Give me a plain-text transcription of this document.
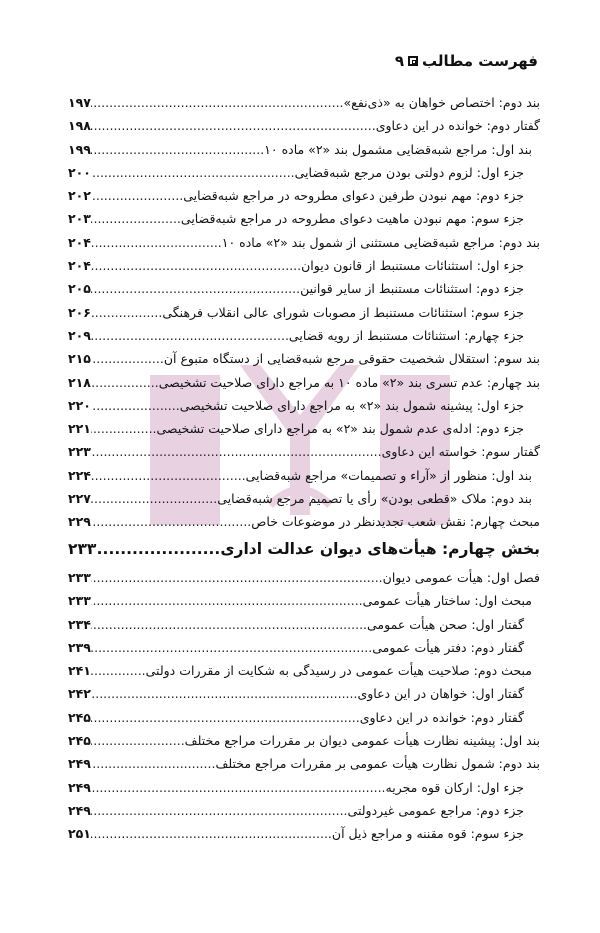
فهرست مطالب
۹
بند دوم: اختصاص خواهان به «ذی‌نفع»
.....
۱۹۷
گفتار دوم: خوانده در این دعاوی
.....
۱۹۸
بند اول: مراجع شبه‌قضایی مشمول بند «۲» ماده ۱۰
.....
۱۹۹
جزء اول: لزوم دولتی بودن مرجع شبه‌قضایی
.....
۲۰۰
جزء دوم: مهم نبودن طرفین دعوای مطروحه در مراجع شبه‌قضایی
.....
۲۰۲
جزء سوم: مهم نبودن ماهیت دعوای مطروحه در مراجع شبه‌قضایی
.....
۲۰۳
بند دوم: مراجع شبه‌قضایی مستثنی از شمول بند «۲» ماده ۱۰
.....
۲۰۴
جزء اول: استثنائات مستنبط از قانون دیوان
.....
۲۰۴
جزء دوم: استثنائات مستنبط از سایر قوانین
.....
۲۰۵
جزء سوم: استثنائات مستنبط از مصوبات شورای عالی انقلاب فرهنگی
.....
۲۰۶
جزء چهارم: استثنائات مستنبط از رویه قضایی
.....
۲۰۹
بند سوم: استقلال شخصیت حقوقی مرجع شبه‌قضایی از دستگاه متبوع آن
.....
۲۱۵
بند چهارم: عدم تسری بند «۲» ماده ۱۰ به مراجع دارای صلاحیت تشخیصی
.....
۲۱۸
جزء اول: پیشینه شمول بند «۲» به مراجع دارای صلاحیت تشخیصی
.....
۲۲۰
جزء دوم: ادله‌ی عدم شمول بند «۲» به مراجع دارای صلاحیت تشخیصی
.....
۲۲۱
گفتار سوم: خواسته این دعاوی
.....
۲۲۳
بند اول: منظور از «آراء و تصمیمات» مراجع شبه‌قضایی
.....
۲۲۴
بند دوم: ملاک «قطعی بودن» رأی یا تصمیم مرجع شبه‌قضایی
.....
۲۲۷
مبحث چهارم: نقش شعب تجدیدنظر در موضوعات خاص
.....
۲۲۹
بخش چهارم: هیأت‌های دیوان عدالت اداری
.....
۲۳۳
فصل اول: هیأت عمومی دیوان
.....
۲۳۳
مبحث اول: ساختار هیأت عمومی
.....
۲۳۳
گفتار اول: صحن هیأت عمومی
.....
۲۳۴
گفتار دوم: دفتر هیأت عمومی
.....
۲۳۹
مبحث دوم: صلاحیت هیأت عمومی در رسیدگی به شکایت از مقررات دولتی
.....
۲۴۱
گفتار اول: خواهان در این دعاوی
.....
۲۴۲
گفتار دوم: خوانده در این دعاوی
.....
۲۴۵
بند اول: پیشینه نظارت هیأت عمومی دیوان بر مقررات مراجع مختلف
.....
۲۴۵
بند دوم: شمول نظارت هیأت عمومی بر مقررات مراجع مختلف
.....
۲۴۹
جزء اول: ارکان قوه مجریه
.....
۲۴۹
جزء دوم: مراجع عمومی غیردولتی
.....
۲۴۹
جزء سوم: قوه مقننه و مراجع ذیل آن
.....
۲۵۱
